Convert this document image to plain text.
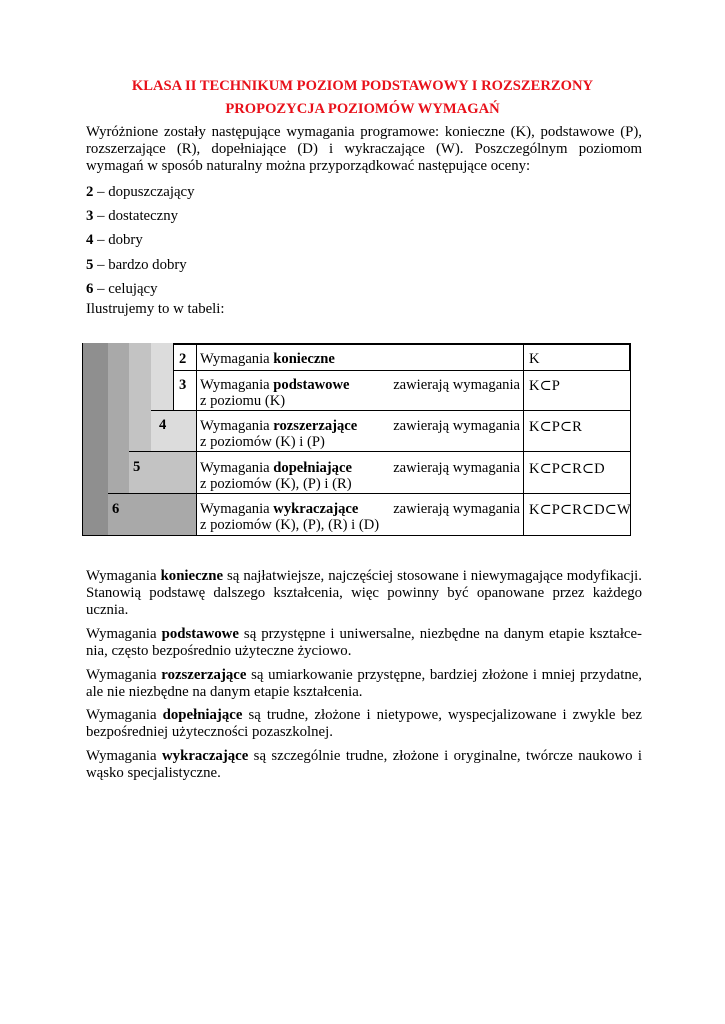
KLASA II TECHNIKUM POZIOM PODSTAWOWY I ROZSZERZONY
PROPOZYCJA POZIOMÓW WYMAGAŃ

Wyróżnione zostały następujące wymagania programowe: konieczne (K), podstawowe (P), rozszerzające (R), dopełniające (D) i wykraczające (W). Poszczególnym poziomom wymagań w sposób naturalny można przyporządkować następujące oceny:

2 – dopuszczający
3 – dostateczny
4 – dobry
5 – bardzo dobry
6 – celujący
Ilustrujemy to w tabeli:
2
3
4
5
6
Wymagania konieczne
Wymagania podstawowe	zawierają wymagania
z poziomu (K)
Wymagania rozszerzające zawierają wymagania
z poziomów (K) i (P)
Wymagania dopełniające	zawierają wymagania
z poziomów (K), (P) i (R)
Wymagania wykraczające zawierają wymagania
z poziomów (K), (P), (R) i (D)
K
K⊂P
K⊂P⊂R
K⊂P⊂R⊂D
K⊂P⊂R⊂D⊂W

Wymagania konieczne są najłatwiejsze, najczęściej stosowane i niewymagające modyfikacji. Stanowią podstawę dalszego kształcenia, więc powinny być opanowane przez każdego ucznia.

Wymagania podstawowe są przystępne i uniwersalne, niezbędne na danym etapie kształce-nia, często bezpośrednio użyteczne życiowo.

Wymagania rozszerzające są umiarkowanie przystępne, bardziej złożone i mniej przydatne, ale nie niezbędne na danym etapie kształcenia.

Wymagania dopełniające są trudne, złożone i nietypowe, wyspecjalizowane i zwykle bez bezpośredniej użyteczności pozaszkolnej.

Wymagania wykraczające są szczególnie trudne, złożone i oryginalne, twórcze naukowo i wąsko specjalistyczne.
